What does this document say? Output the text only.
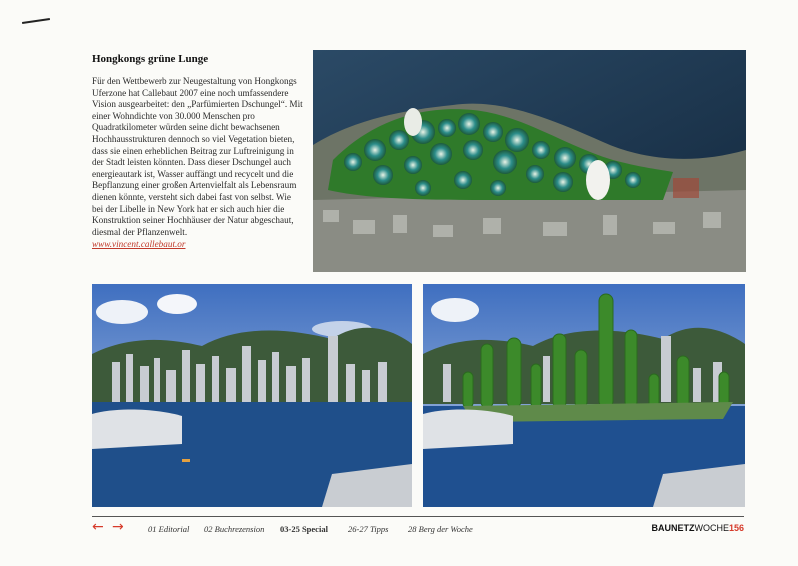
Hongkongs grüne Lunge

Für den Wettbewerb zur Neugestaltung von Hongkongs Uferzone hat Callebaut 2007 eine noch umfassendere Vision ausgearbeitet: den „Parfümierten Dschungel“. Mit einer Wohndichte von 30.000 Menschen pro Quadratkilometer würden seine dicht bewachsenen Hochhausstrukturen dennoch so viel Vegetation bieten, dass sie einen erheblichen Beitrag zur Luftreinigung in der Stadt leisten könnten. Dass dieser Dschungel auch energieautark ist, Wasser auffängt und recycelt und die Bepflanzung einer großen Artenvielfalt als Lebensraum dienen könnte, versteht sich dabei fast von selbst. Wie bei der Libelle in New York hat er sich auch hier die Konstruktion seiner Hochhäuser der Natur abgeschaut, diesmal der Pflanzenwelt.

www.vincent.callebaut.or
← →	01 Editorial 02 Buchrezension 03-25 Special 26-27 Tipps 28 Berg der Woche	BAUNETZWOCHE156
